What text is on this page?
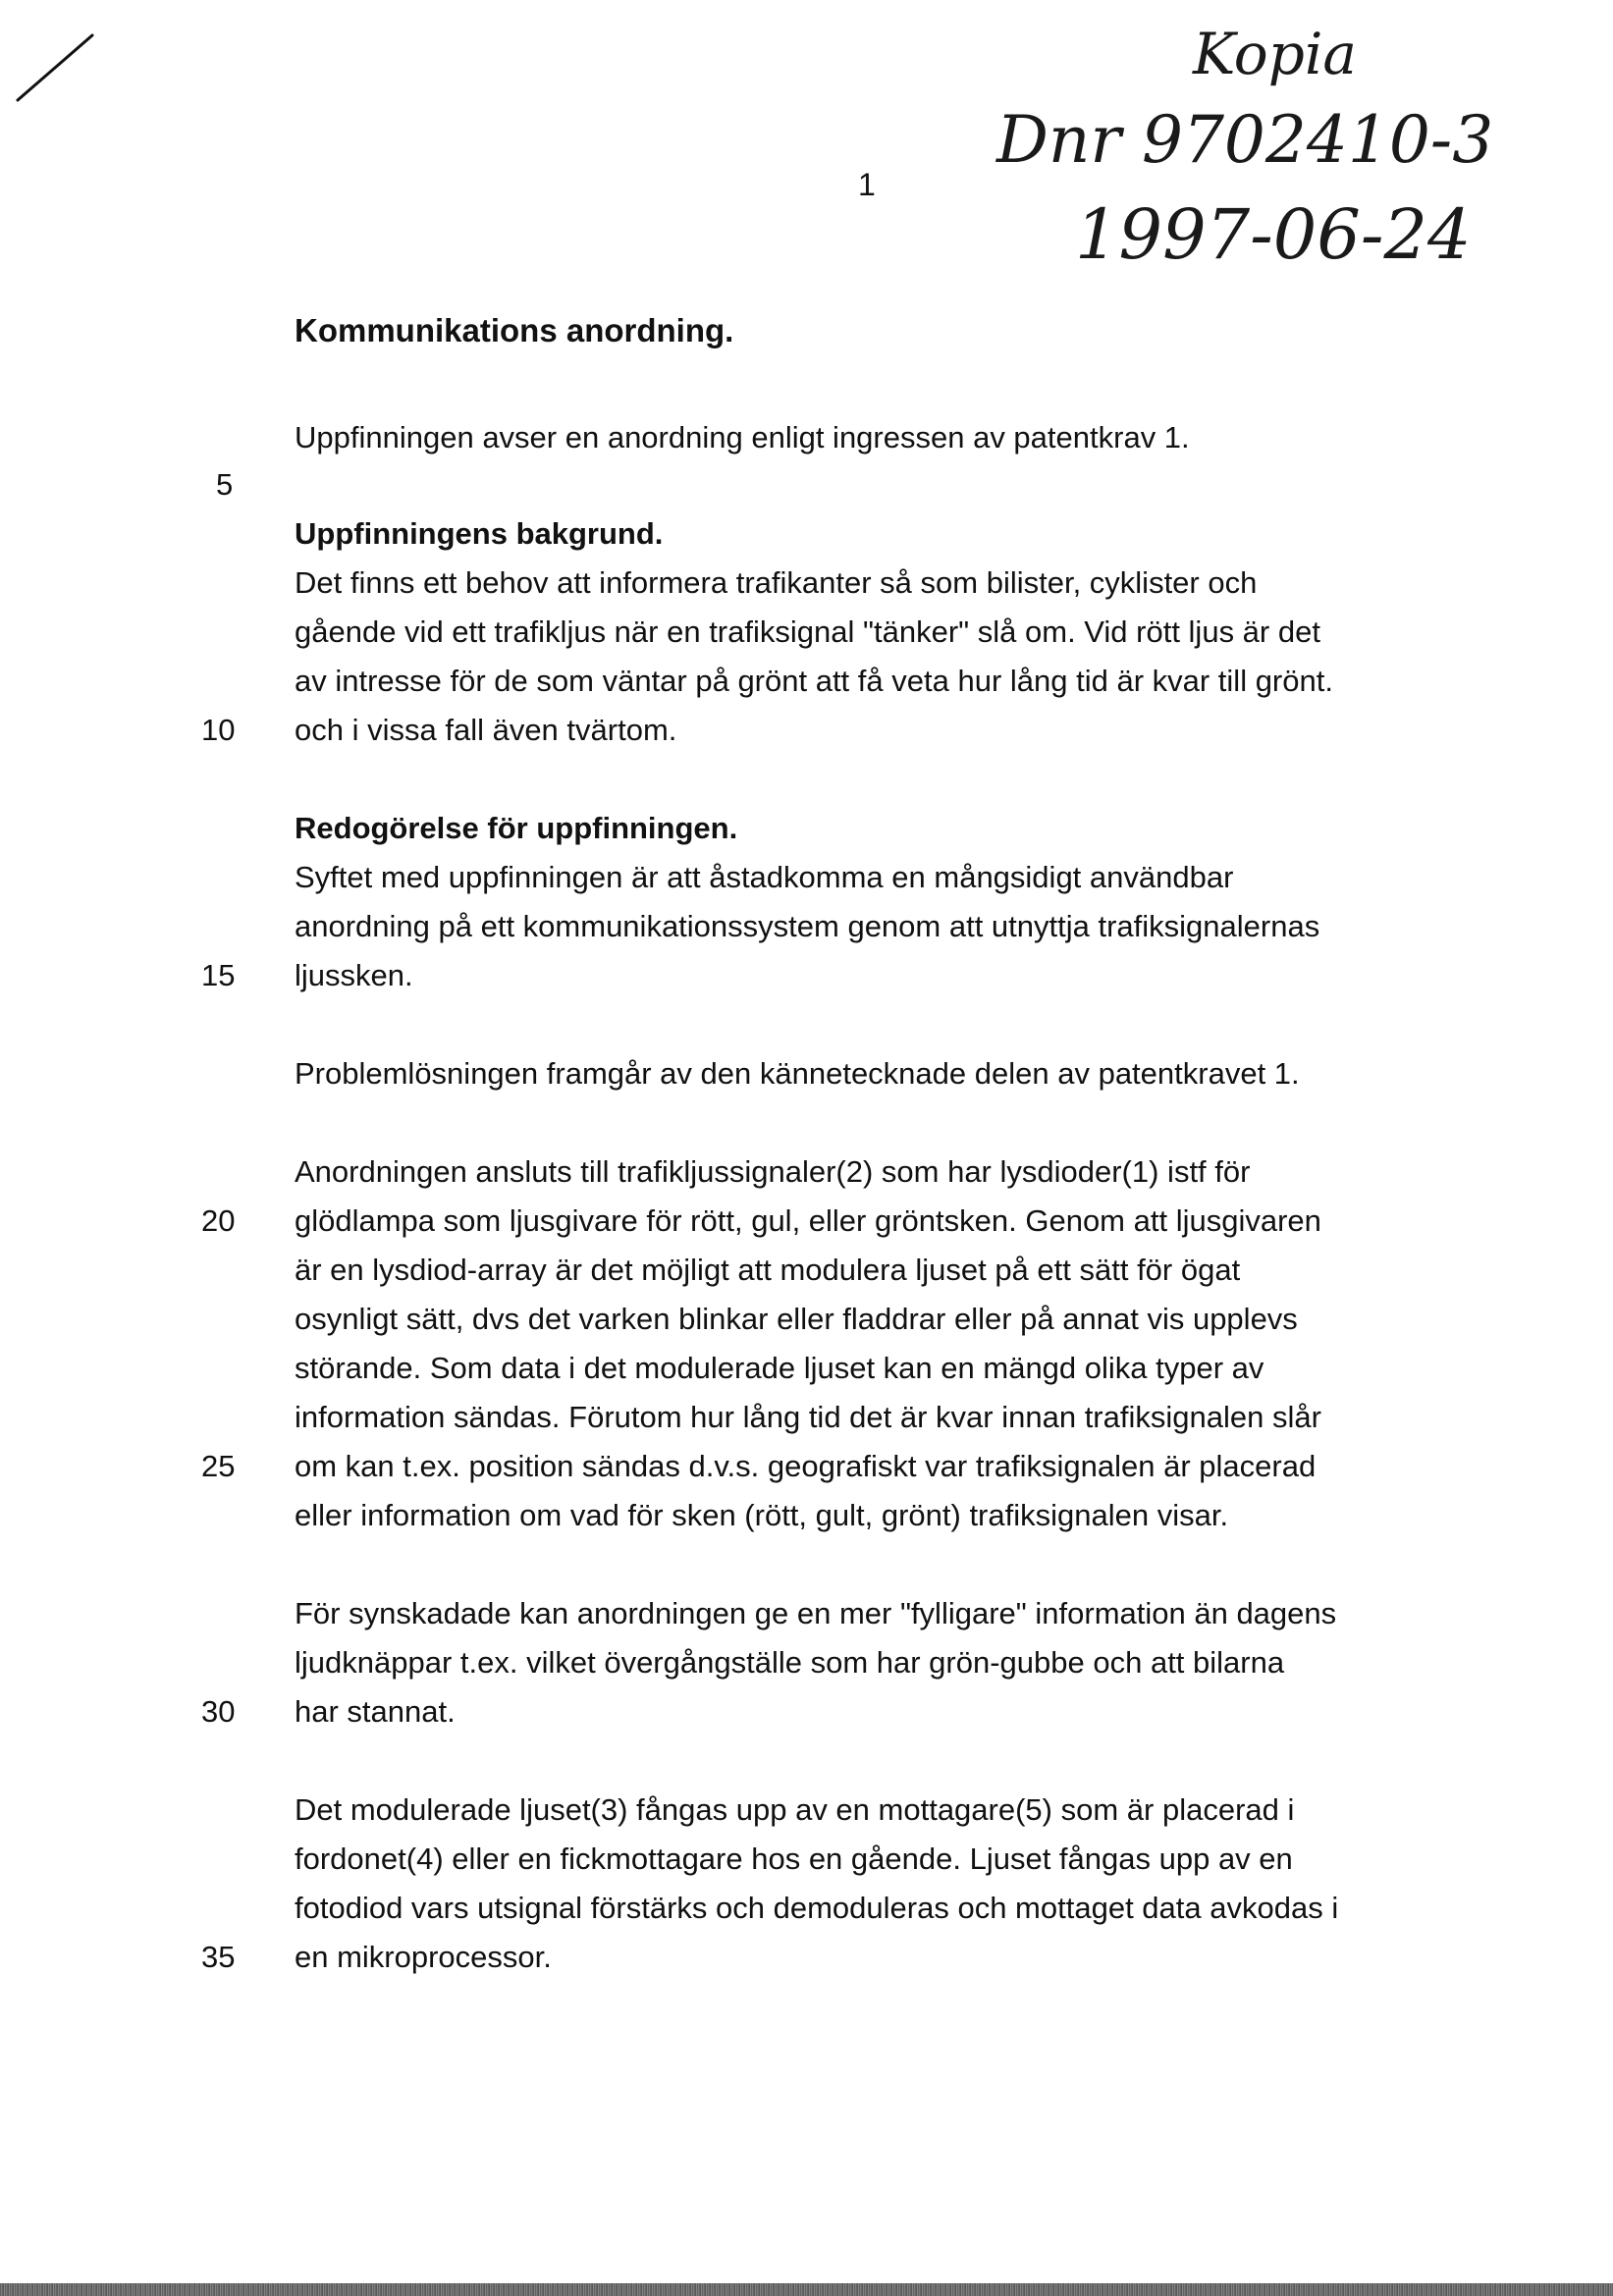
Kopia
Dnr 9702410-3
1997-06-24
1
Kommunikations anordning.
5
10
15
20
25
30
35
Uppfinningen avser en anordning enligt ingressen av patentkrav 1.
Uppfinningens bakgrund.
Det finns ett behov att informera trafikanter så som bilister, cyklister och
gående vid ett trafikljus när en trafiksignal "tänker" slå om. Vid rött ljus är det
av intresse för de som väntar på grönt att få veta hur lång tid är kvar till grönt.
och i vissa fall även tvärtom.
Redogörelse för uppfinningen.
Syftet med uppfinningen är att åstadkomma en mångsidigt användbar
anordning på ett kommunikationssystem genom att utnyttja trafiksignalernas
ljussken.
Problemlösningen framgår av den kännetecknade delen av patentkravet 1.
Anordningen ansluts till trafikljussignaler(2) som har lysdioder(1) istf för
glödlampa som ljusgivare för rött, gul, eller gröntsken. Genom att ljusgivaren
är en lysdiod-array är det möjligt att modulera ljuset på ett sätt för ögat
osynligt sätt, dvs det varken blinkar eller fladdrar eller på annat vis upplevs
störande. Som data i det modulerade ljuset kan en mängd olika typer av
information sändas. Förutom hur lång tid det är kvar innan trafiksignalen slår
om kan t.ex. position sändas d.v.s. geografiskt var trafiksignalen är placerad
eller information om vad för sken (rött, gult, grönt) trafiksignalen visar.
För synskadade kan anordningen ge en mer "fylligare" information än dagens
ljudknäppar t.ex. vilket övergångställe som har grön-gubbe och att bilarna
har stannat.
Det modulerade ljuset(3) fångas upp av en mottagare(5) som är placerad i
fordonet(4) eller en fickmottagare hos en gående. Ljuset fångas upp av en
fotodiod vars utsignal förstärks och demoduleras och mottaget data avkodas i
en mikroprocessor.
